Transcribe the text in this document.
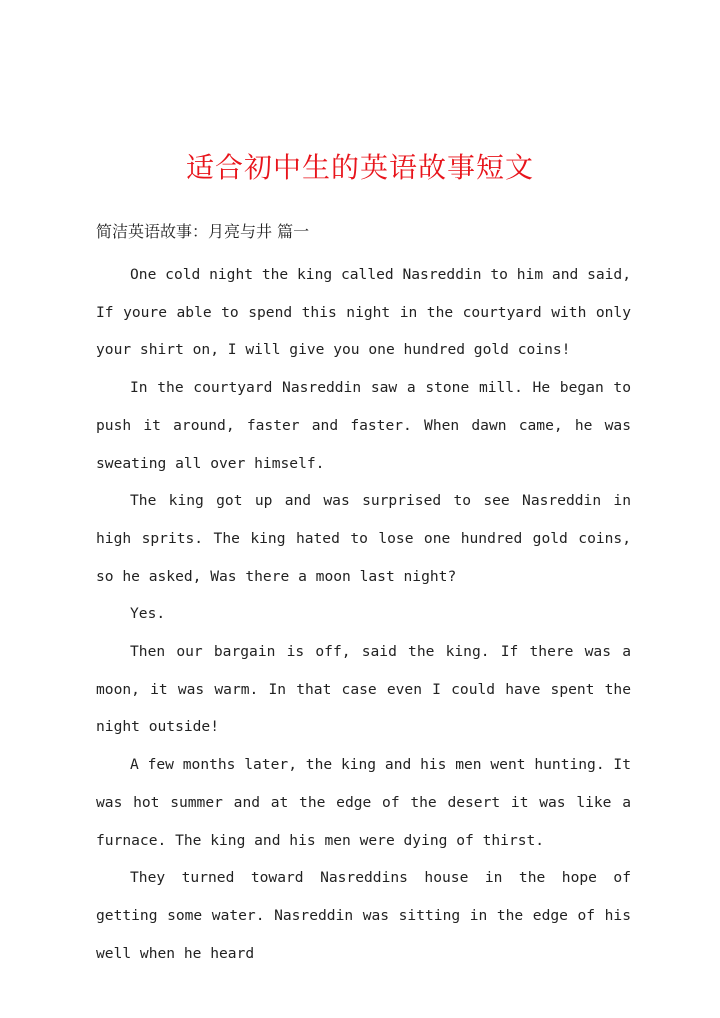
适合初中生的英语故事短文
简洁英语故事：月亮与井 篇一

One cold night the king called Nasreddin to him and said, If youre able to spend this night in the courtyard with only your shirt on, I will give you one hundred gold coins!

In the courtyard Nasreddin saw a stone mill. He began to push it around, faster and faster. When dawn came, he was sweating all over himself.

The king got up and was surprised to see Nasreddin in high sprits. The king hated to lose one hundred gold coins, so he asked, Was there a moon last night?

Yes.

Then our bargain is off, said the king. If there was a moon, it was warm. In that case even I could have spent the night outside!

A few months later, the king and his men went hunting. It was hot summer and at the edge of the desert it was like a furnace. The king and his men were dying of thirst.

They turned toward Nasreddins house in the hope of getting some water. Nasreddin was sitting in the edge of his well when he heard
